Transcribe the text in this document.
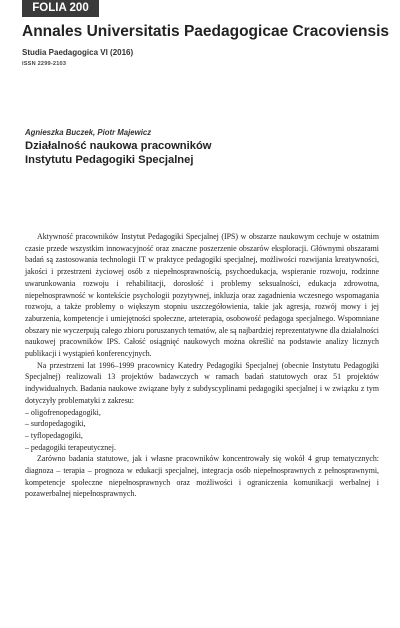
FOLIA 200
Annales Universitatis Paedagogicae Cracoviensis
Studia Paedagogica VI (2016)
ISSN 2299-2103
Agnieszka Buczek, Piotr Majewicz
Działalność naukowa pracowników
Instytutu Pedagogiki Specjalnej

Aktywność pracowników Instytut Pedagogiki Specjalnej (IPS) w obszarze naukowym cechuje w ostatnim czasie przede wszystkim innowacyjność oraz znaczne poszerzenie obszarów eksploracji. Głównymi obszarami badań są zastosowania technologii IT w praktyce pedagogiki specjalnej, możliwości rozwijania kreatywności, jakości i przestrzeni życiowej osób z niepełnosprawnością, psychoedukacja, wspieranie rozwoju, rodzinne uwarunkowania rozwoju i rehabilitacji, dorosłość i problemy seksualności, edukacja zdrowotna, niepełnosprawność w kontekście psychologii pozytywnej, inkluzja oraz zagadnienia wczesnego wspomagania rozwoju, a także problemy o większym stopniu uszczegółowienia, takie jak agresja, rozwój mowy i jej zaburzenia, kompetencje i umiejętności społeczne, arteterapia, osobowość pedagoga specjalnego. Wspomniane obszary nie wyczerpują całego zbioru poruszanych tematów, ale są najbardziej reprezentatywne dla działalności naukowej pracowników IPS. Całość osiągnięć naukowych można określić na podstawie analizy licznych publikacji i wystąpień konferencyjnych.

Na przestrzeni lat 1996–1999 pracownicy Katedry Pedagogiki Specjalnej (obecnie Instytutu Pedagogiki Specjalnej) realizowali 13 projektów badawczych w ramach badań statutowych oraz 51 projektów indywidualnych. Badania naukowe związane były z subdyscyplinami pedagogiki specjalnej i w związku z tym dotyczyły problematyki z zakresu:

– oligofrenopedagogiki,
– surdopedagogiki,
– tyflopedagogiki,
– pedagogiki terapeutycznej.

Zarówno badania statutowe, jak i własne pracowników koncentrowały się wokół 4 grup tematycznych: diagnoza – terapia – prognoza w edukacji specjalnej, integracja osób niepełnosprawnych z pełnosprawnymi, kompetencje społeczne niepełnosprawnych oraz możliwości i ograniczenia komunikacji werbalnej i pozawerbalnej niepełnosprawnych.
